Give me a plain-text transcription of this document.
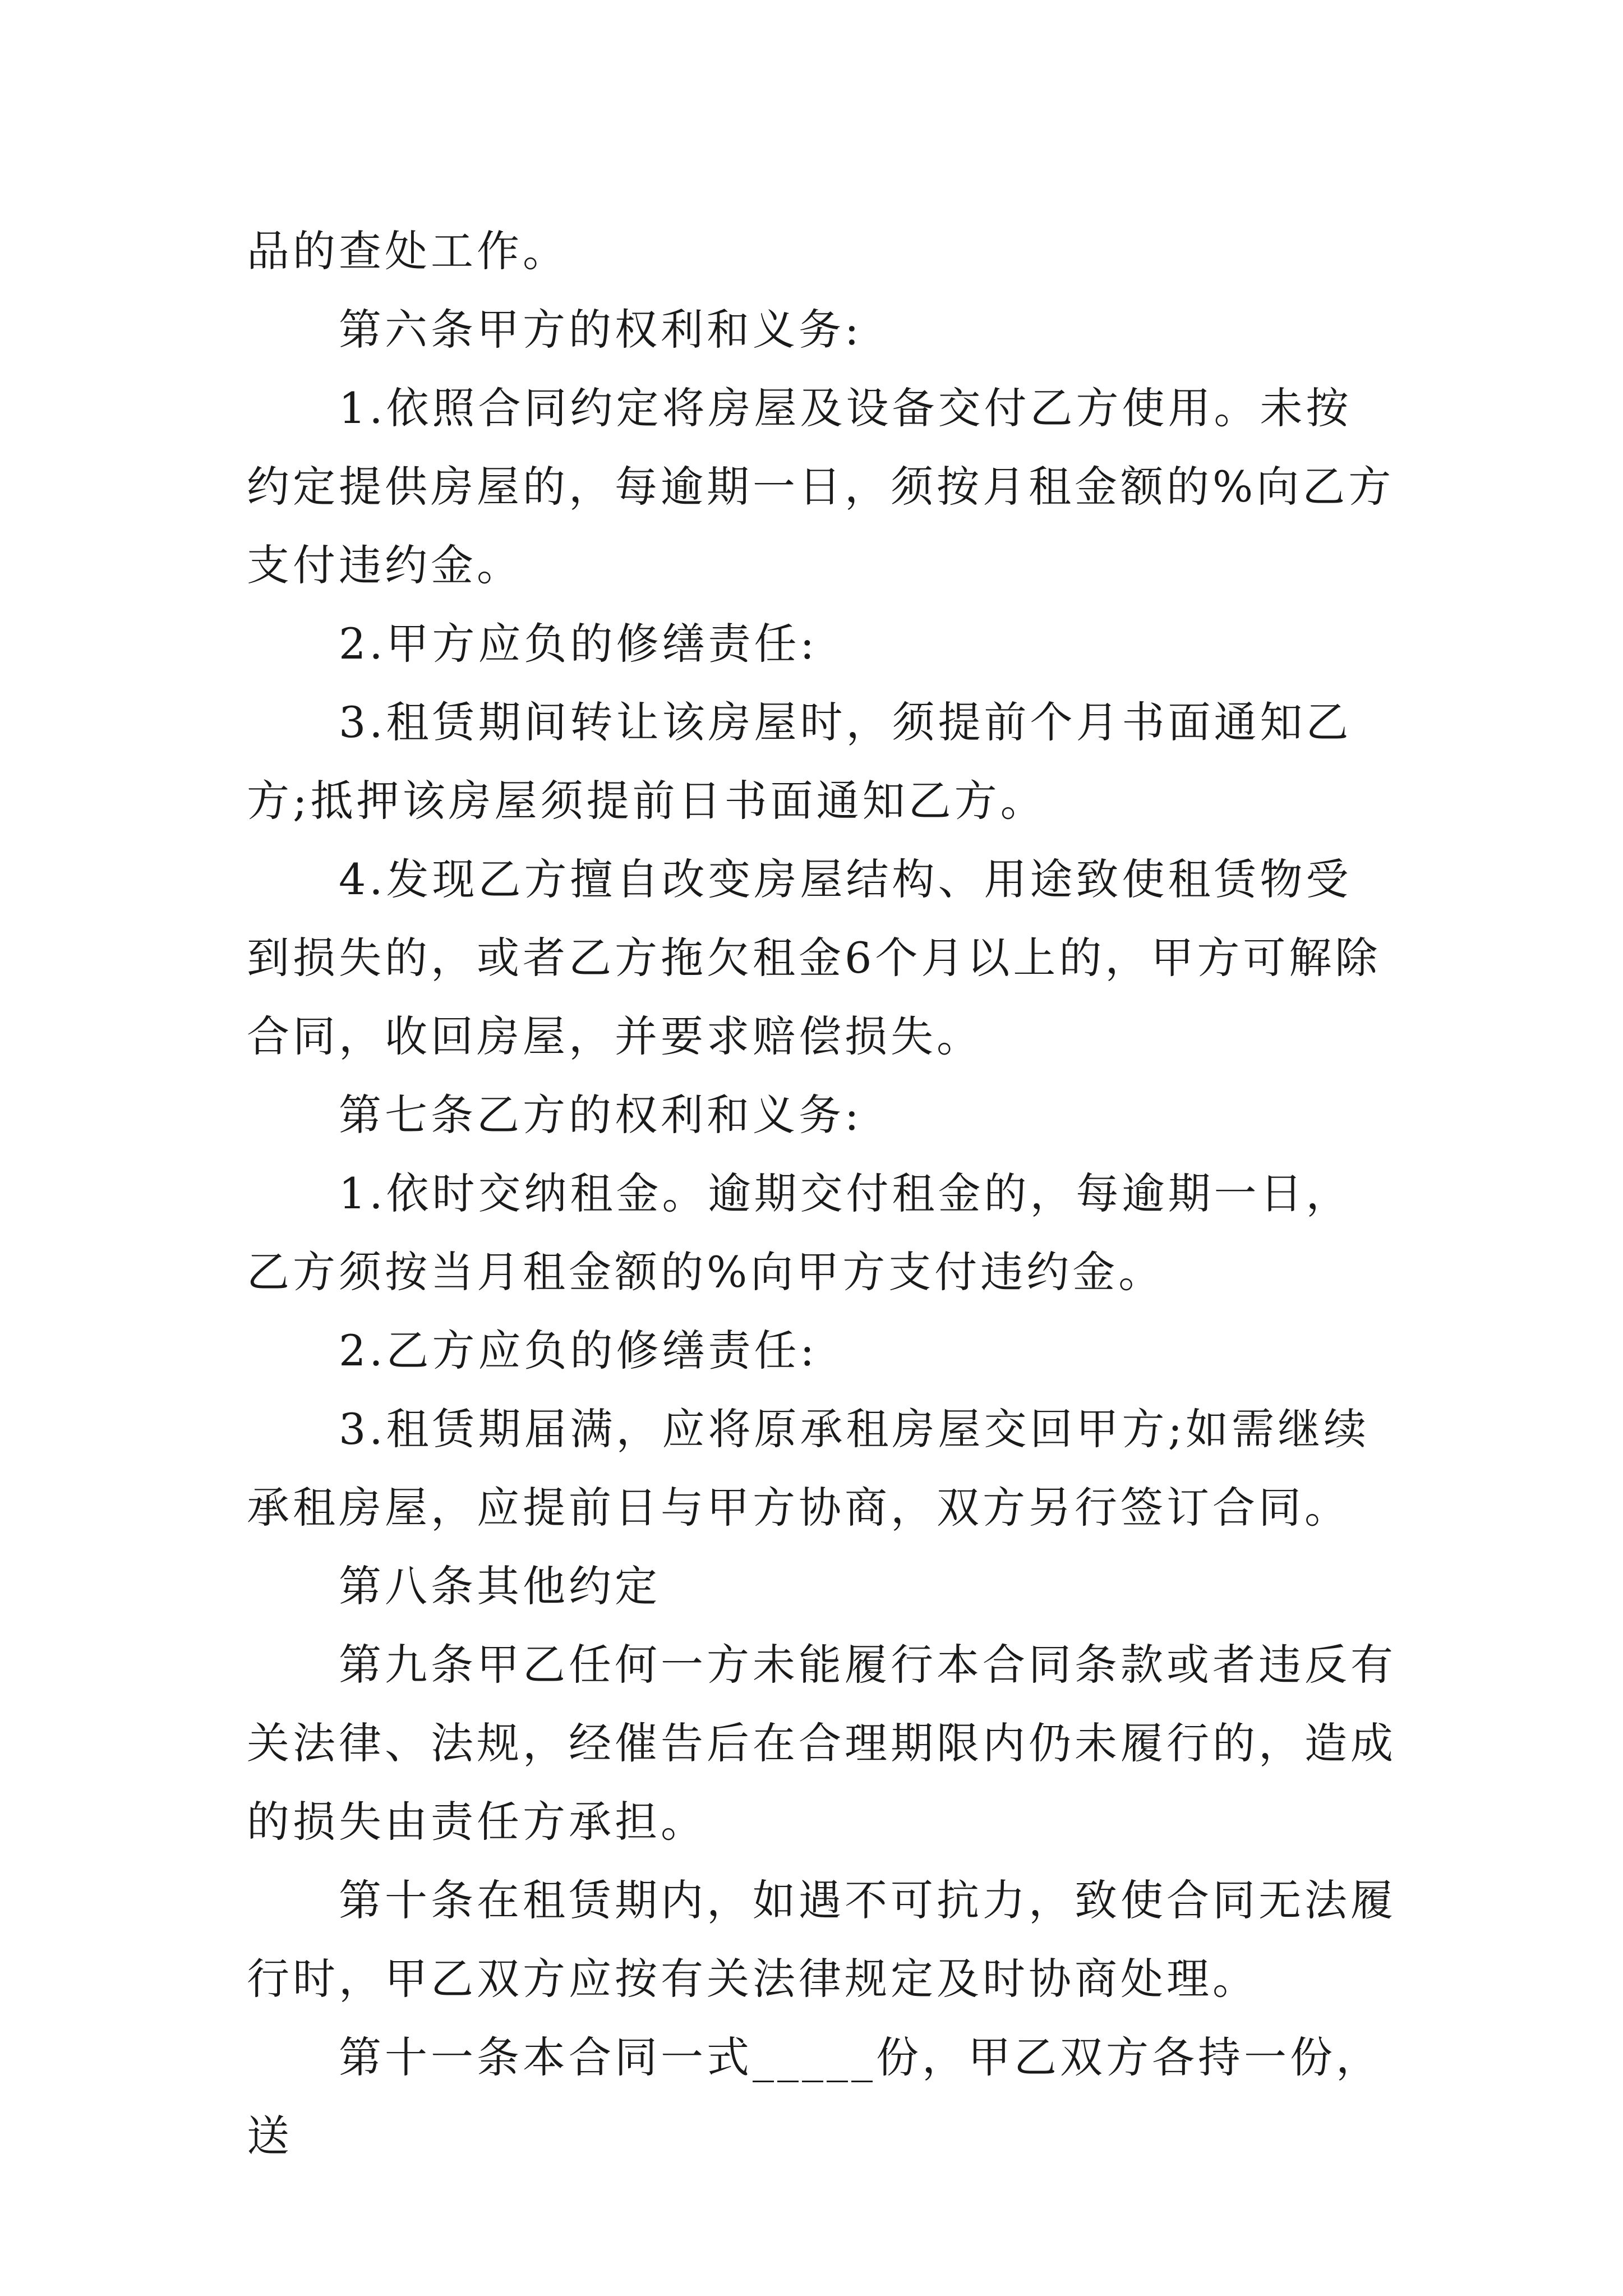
品的查处工作。

第六条甲方的权利和义务:

1.依照合同约定将房屋及设备交付乙方使用。未按约定提供房屋的，每逾期一日，须按月租金额的%向乙方支付违约金。

2.甲方应负的修缮责任:

3.租赁期间转让该房屋时，须提前个月书面通知乙方;抵押该房屋须提前日书面通知乙方。

4.发现乙方擅自改变房屋结构、用途致使租赁物受到损失的，或者乙方拖欠租金6个月以上的，甲方可解除合同，收回房屋，并要求赔偿损失。

第七条乙方的权利和义务:

1.依时交纳租金。逾期交付租金的，每逾期一日，乙方须按当月租金额的%向甲方支付违约金。

2.乙方应负的修缮责任:

3.租赁期届满，应将原承租房屋交回甲方;如需继续承租房屋，应提前日与甲方协商，双方另行签订合同。

第八条其他约定

第九条甲乙任何一方未能履行本合同条款或者违反有关法律、法规，经催告后在合理期限内仍未履行的，造成的损失由责任方承担。

第十条在租赁期内，如遇不可抗力，致使合同无法履行时，甲乙双方应按有关法律规定及时协商处理。

第十一条本合同一式_____份，甲乙双方各持一份，送
